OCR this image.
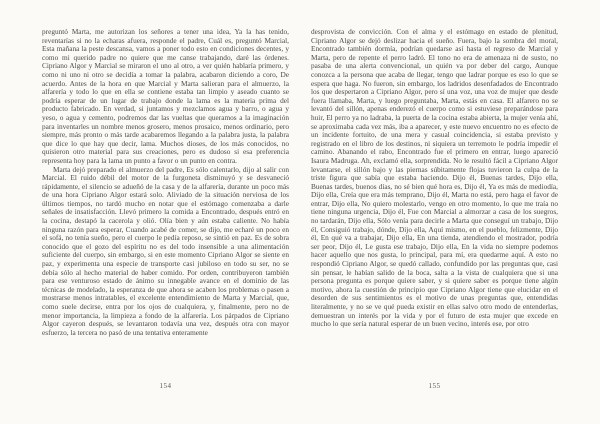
preguntó Marta, me autorizan los señores a tener una idea, Ya la has tenido, reventarías si no la echaras afuera, responde el padre, Cuál es, preguntó Marcial, Esta mañana la peste descansa, vamos a poner todo esto en condiciones decentes, y como mi querido padre no quiere que me canse trabajando, daré las órdenes. Cipriano Algor y Marcial se miraron el uno al otro, a ver quién hablaría primero, y como ni uno ni otro se decidía a tomar la palabra, acabaron diciendo a coro, De acuerdo. Antes de la hora en que Marcial y Marta salieran para el almuerzo, la alfarería y todo lo que en ella se contiene estaba tan limpio y aseado cuanto se podría esperar de un lugar de trabajo donde la lama es la materia prima del producto fabricado. En verdad, si juntamos y mezclamos agua y barro, o agua y yeso, o agua y cemento, podremos dar las vueltas que queramos a la imaginación para inventarles un nombre menos grosero, menos prosaico, menos ordinario, pero siempre, más pronto o más tarde acabaremos llegando a la palabra justa, la palabra que dice lo que hay que decir, lama. Muchos dioses, de los más conocidos, no quisieron otro material para sus creaciones, pero es dudoso si esa preferencia representa hoy para la lama un punto a favor o un punto en contra.

Marta dejó preparado el almuerzo del padre, Es sólo calentarlo, dijo al salir con Marcial. El ruido débil del motor de la furgoneta disminuyó y se desvaneció rápidamente, el silencio se adueñó de la casa y de la alfarería, durante un poco más de una hora Cipriano Algor estará solo. Aliviado de la situación nerviosa de los últimos tiempos, no tardó mucho en notar que el estómago comenzaba a darle señales de insatisfacción. Llevó primero la comida a Encontrado, después entró en la cocina, destapó la cacerola y olió. Olía bien y aún estaba caliente. No había ninguna razón para esperar, Cuando acabé de comer, se dijo, me echaré un poco en el sofá, no tenía sueño, pero el cuerpo le pedía reposo, se sintió en paz. Es de sobra conocido que el gozo del espíritu no es del todo insensible a una alimentación suficiente del cuerpo, sin embargo, si en este momento Cipriano Algor se siente en paz, y experimenta una especie de transporte casi jubiloso en todo su ser, no se debía sólo al hecho material de haber comido. Por orden, contribuyeron también para ese venturoso estado de ánimo su innegable avance en el dominio de las técnicas de modelado, la esperanza de que ahora se acaben los problemas o pasen a mostrarse menos intratables, el excelente entendimiento de Marta y Marcial, que, como suele decirse, entra por los ojos de cualquiera, y, finalmente, pero no de menor importancia, la limpieza a fondo de la alfarería. Los párpados de Cipriano Algor cayeron después, se levantaron todavía una vez, después otra con mayor esfuerzo, la tercera no pasó de una tentativa enteramente

154

desprovista de convicción. Con el alma y el estómago en estado de plenitud, Cipriano Algor se dejó deslizar hacia el sueño. Fuera, bajo la sombra del moral, Encontrado también dormía, podrían quedarse así hasta el regreso de Marcial y Marta, pero de repente el perro ladró. El tono no era de amenaza ni de susto, no pasaba de una alerta convencional, un quién va por deber del cargo, Aunque conozca a la persona que acaba de llegar, tengo que ladrar porque es eso lo que se espera que haga. No fueron, sin embargo, los ladridos desenfadados de Encontrado los que despertaron a Cipriano Algor, pero sí una voz, una voz de mujer que desde fuera llamaba, Marta, y luego preguntaba, Marta, estás en casa. El alfarero no se levantó del sillón, apenas enderezó el cuerpo como si estuviese preparándose para huir, El perro ya no ladraba, la puerta de la cocina estaba abierta, la mujer venía ahí, se aproximaba cada vez más, iba a aparecer, y este nuevo encuentro no es efecto de un incidente fortuito, de una mera y casual coincidencia, si estaba previsto y registrado en el libro de los destinos, ni siquiera un terremoto le podría impedir el camino. Abanando el rabo, Encontrado fue el primero en entrar, luego apareció Isaura Madruga. Ah, exclamó ella, sorprendida. No le resultó fácil a Cipriano Algor levantarse, el sillón bajo y las piernas súbitamente flojas tuvieron la culpa de la triste figura que sabía que estaba haciendo. Dijo él, Buenas tardes, Dijo ella, Buenas tardes, buenos días, no sé bien qué hora es, Dijo él, Ya es más de mediodía, Dijo ella, Creía que era más temprano, Dijo él, Marta no está, pero haga el favor de entrar, Dijo ella, No quiero molestarlo, vengo en otro momento, lo que me traía no tiene ninguna urgencia, Dijo él, Fue con Marcial a almorzar a casa de los suegros, no tardarán, Dijo ella, Sólo venía para decirle a Marta que conseguí un trabajo, Dijo él, Consiguió trabajo, dónde, Dijo ella, Aquí mismo, en el pueblo, felizmente, Dijo él, En qué va a trabajar, Dijo ella, En una tienda, atendiendo el mostrador, podría ser peor, Dijo él, Le gusta ese trabajo, Dijo ella, En la vida no siempre podemos hacer aquello que nos gusta, lo principal, para mí, era quedarme aquí. A esto no respondió Cipriano Algor, se quedó callado, confundido por las preguntas que, casi sin pensar, le habían salido de la boca, salta a la vista de cualquiera que si una persona pregunta es porque quiere saber, y si quiere saber es porque tiene algún motivo, ahora la cuestión de principio que Cipriano Algor tiene que elucidar en el desorden de sus sentimientos es el motivo de unas preguntas que, entendidas literalmente, y no se ve qué pueda existir en ellas salvo otro modo de entenderlas, demuestran un interés por la vida y por el futuro de esta mujer que excede en mucho lo que sería natural esperar de un buen vecino, interés ese, por otro

155
